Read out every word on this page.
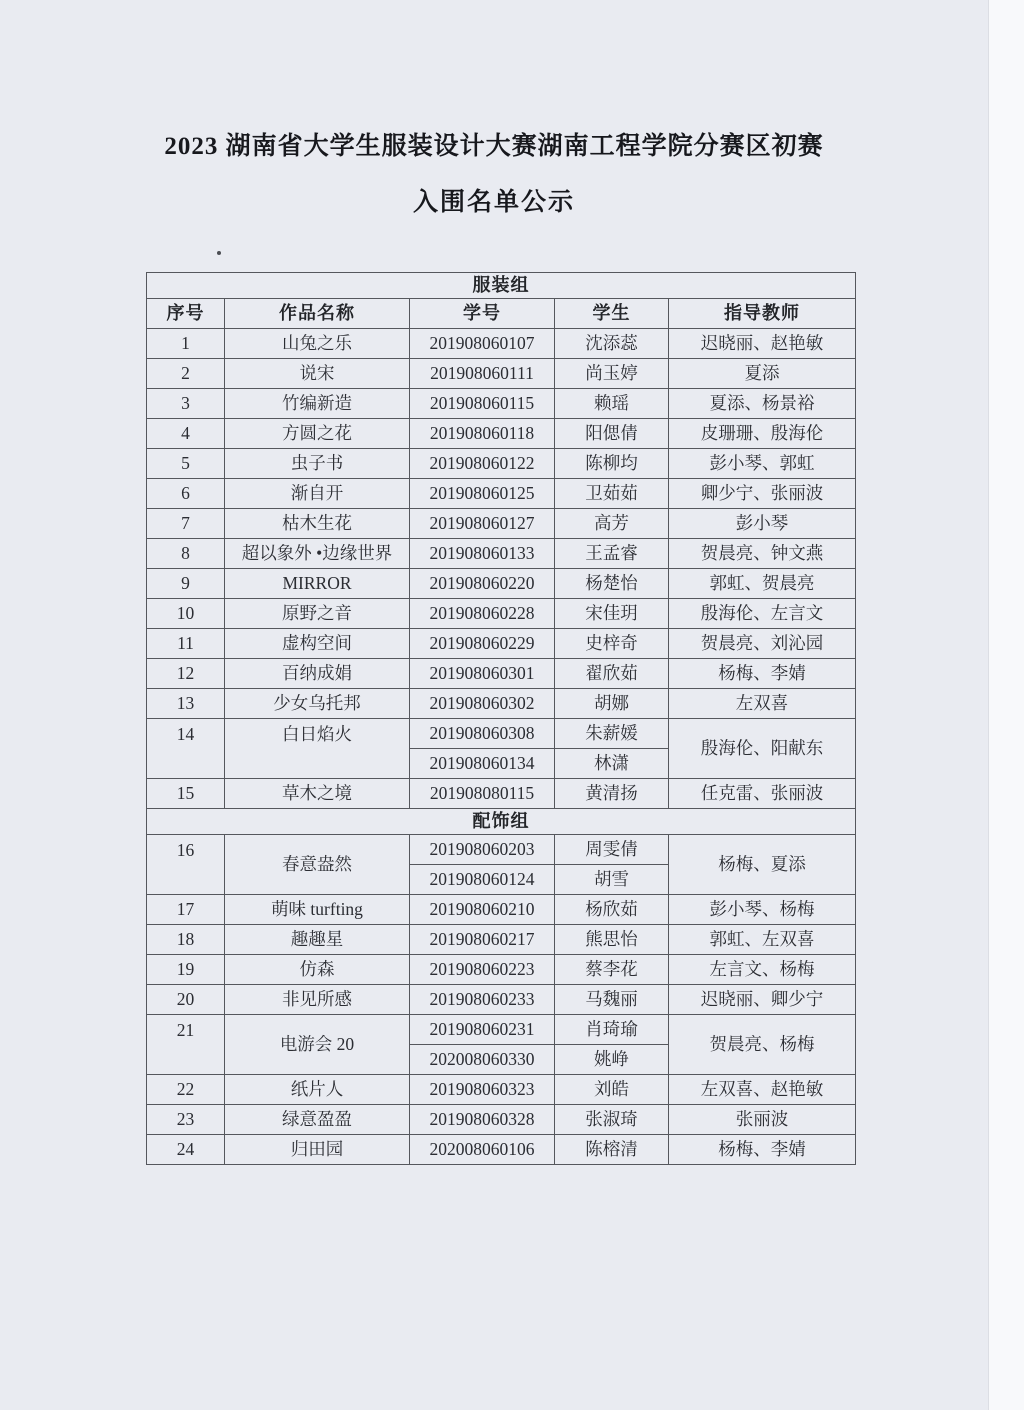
2023 湖南省大学生服装设计大赛湖南工程学院分赛区初赛
入围名单公示
服装组				
序号	作品名称	学号	学生	指导教师
1	山兔之乐	201908060107	沈添蕊	迟晓丽、赵艳敏
2	说宋	201908060111	尚玉婷	夏添
3	竹编新造	201908060115	赖瑶	夏添、杨景裕
4	方圆之花	201908060118	阳偲倩	皮珊珊、殷海伦
5	虫子书	201908060122	陈柳均	彭小琴、郭虹
6	渐自开	201908060125	卫茹茹	卿少宁、张丽波
7	枯木生花	201908060127	高芳	彭小琴
8	超以象外 •边缘世界	201908060133	王孟睿	贺晨亮、钟文燕
9	MIRROR	201908060220	杨楚怡	郭虹、贺晨亮
10	原野之音	201908060228	宋佳玥	殷海伦、左言文
11	虚构空间	201908060229	史梓奇	贺晨亮、刘沁园
12	百纳成娟	201908060301	翟欣茹	杨梅、李婧
13	少女乌托邦	201908060302	胡娜	左双喜
14	白日焰火	201908060308	朱薪媛	殷海伦、阳献东
		201908060134	林潇	
15	草木之境	201908080115	黄清扬	任克雷、张丽波
配饰组				
16	春意盎然	201908060203	周雯倩	杨梅、夏添
		201908060124	胡雪	
17	萌味 turfting	201908060210	杨欣茹	彭小琴、杨梅
18	趣趣星	201908060217	熊思怡	郭虹、左双喜
19	仿森	201908060223	蔡李花	左言文、杨梅
20	非见所感	201908060233	马魏丽	迟晓丽、卿少宁
21	电游会 20	201908060231	肖琦瑜	贺晨亮、杨梅
		202008060330	姚峥	
22	纸片人	201908060323	刘皓	左双喜、赵艳敏
23	绿意盈盈	201908060328	张淑琦	张丽波
24	归田园	202008060106	陈榕清	杨梅、李婧
